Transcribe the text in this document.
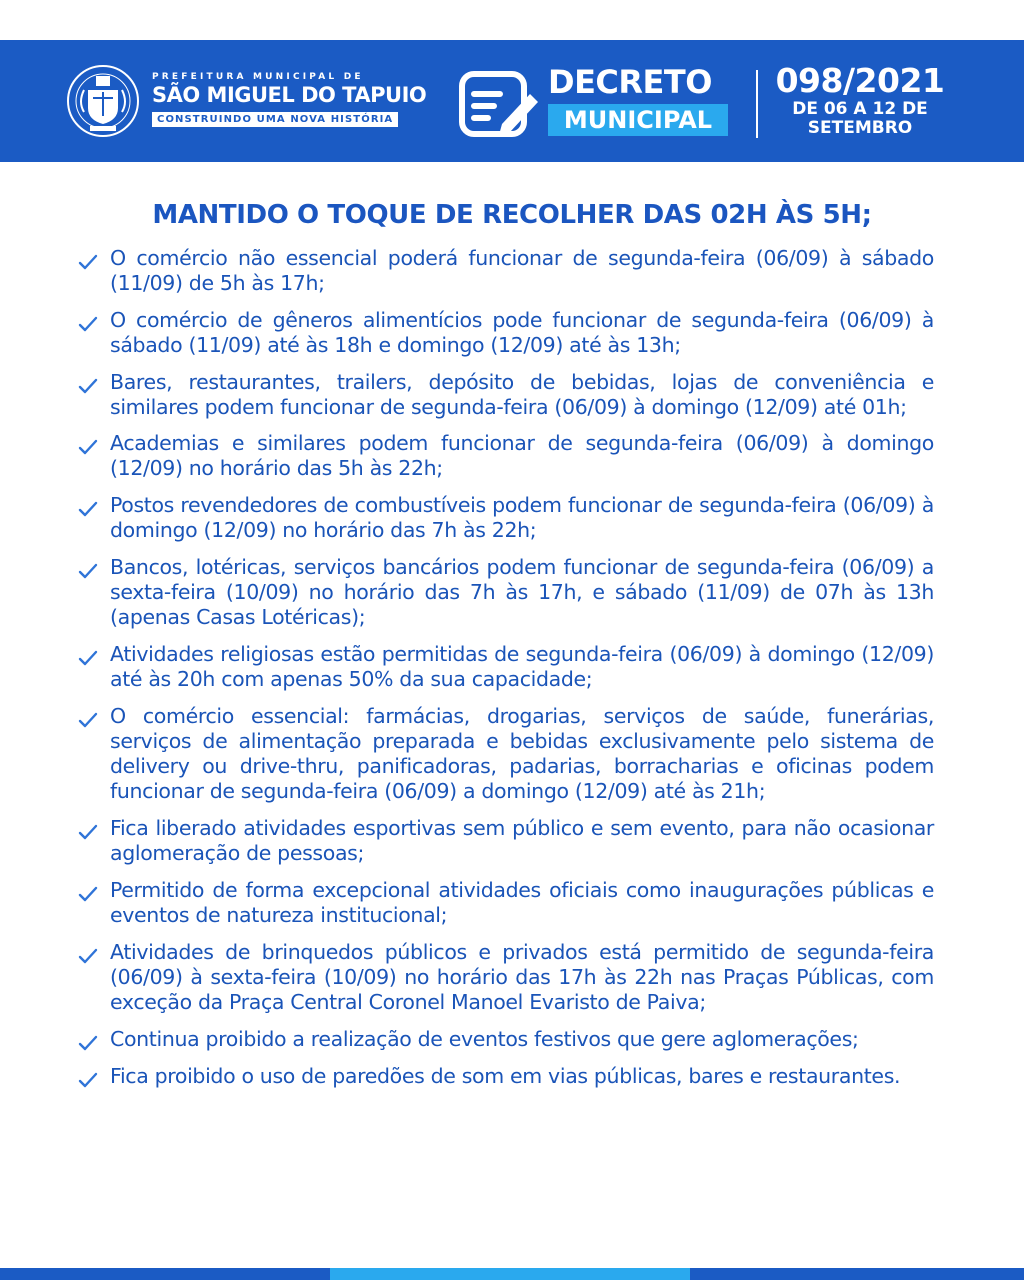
PREFEITURA MUNICIPAL DE
SÃO MIGUEL DO TAPUIO
CONSTRUINDO UMA NOVA HISTÓRIA
DECRETO
MUNICIPAL
098/2021
DE 06 A 12 DE
SETEMBRO
MANTIDO O TOQUE DE RECOLHER DAS 02H ÀS 5H;
O comércio não essencial poderá funcionar de segunda-feira (06/09) à sábado (11/09) de 5h às 17h;
O comércio de gêneros alimentícios pode funcionar de segunda-feira (06/09) à sábado (11/09) até às 18h e domingo (12/09) até às 13h;
Bares, restaurantes, trailers, depósito de bebidas, lojas de conveniência e similares podem funcionar de segunda-feira (06/09) à domingo (12/09) até 01h;
Academias e similares podem funcionar de segunda-feira (06/09) à domingo (12/09) no horário das 5h às 22h;
Postos revendedores de combustíveis podem funcionar de segunda-feira (06/09) à domingo (12/09) no horário das 7h às 22h;
Bancos, lotéricas, serviços bancários podem funcionar de segunda-feira (06/09) a sexta-feira (10/09) no horário das 7h às 17h, e sábado (11/09) de 07h às 13h (apenas Casas Lotéricas);
Atividades religiosas estão permitidas de segunda-feira (06/09) à domingo (12/09) até às 20h com apenas 50% da sua capacidade;
O comércio essencial: farmácias, drogarias, serviços de saúde, funerárias, serviços de alimentação preparada e bebidas exclusivamente pelo sistema de delivery ou drive-thru, panificadoras, padarias, borracharias e oficinas podem funcionar de segunda-feira (06/09) a domingo (12/09) até às 21h;
Fica liberado atividades esportivas sem público e sem evento, para não ocasionar aglomeração de pessoas;
Permitido de forma excepcional atividades oficiais como inaugurações públicas e eventos de natureza institucional;
Atividades de brinquedos públicos e privados está permitido de segunda-feira (06/09) à sexta-feira (10/09) no horário das 17h às 22h nas Praças Públicas, com exceção da Praça Central Coronel Manoel Evaristo de Paiva;
Continua proibido a realização de eventos festivos que gere aglomerações;
Fica proibido o uso de paredões de som em vias públicas, bares e restaurantes.
